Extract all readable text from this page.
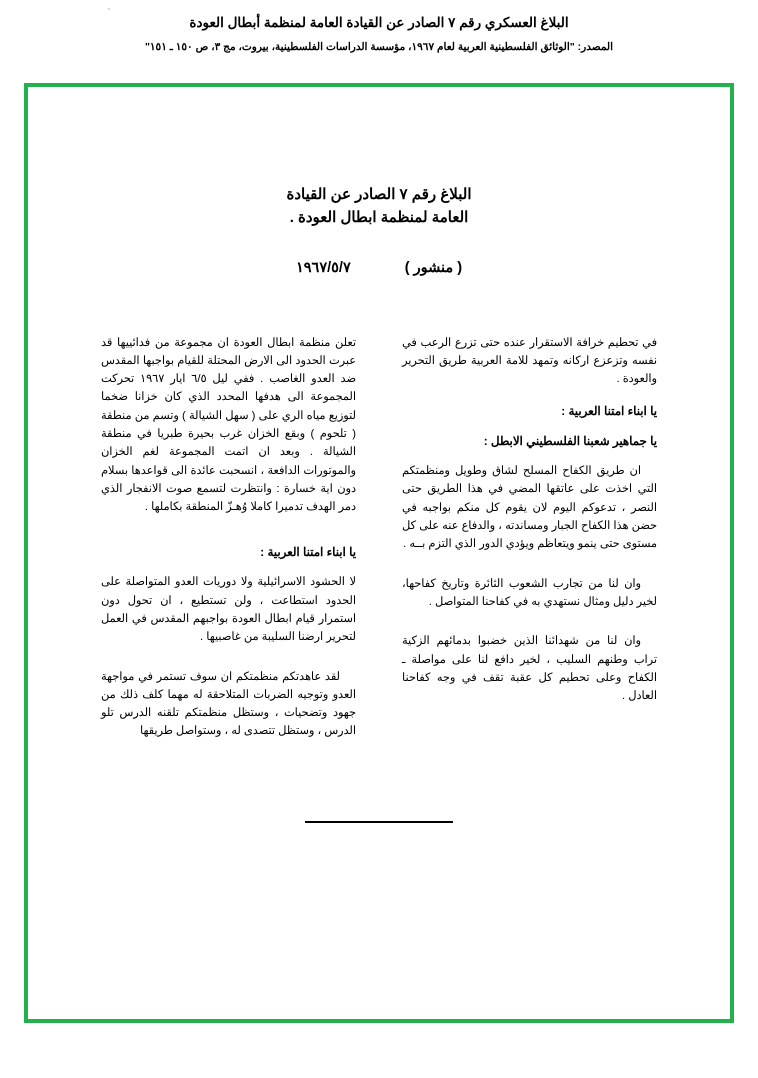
البلاغ العسكري رقم ٧ الصادر عن القيادة العامة لمنظمة أبطال العودة
المصدر: "الوثائق الفلسطينية العربية لعام ١٩٦٧، مؤسسة الدراسات الفلسطينية، بيروت، مج ٣، ص ١٥٠ ـ ١٥١"
البلاغ رقم ٧ الصادر عن القيادة
العامة لمنظمة ابطال العودة .
( منشور )
١٩٦٧/٥/٧

في تحطيم خرافة الاستقرار عنده حتى تزرع الرعب في نفسه وتزعزع اركانه وتمهد للامة العربية طريق التحرير والعودة .

يا ابناء امتنا العربية :

يا جماهير شعبنا الفلسطيني الابطل :

ان طريق الكفاح المسلح لشاق وطويل ومنظمتكم التي اخذت على عاتقها المضي في هذا الطريق حتى النصر ، تدعوكم اليوم لان يقوم كل منكم بواجبه في حضن هذا الكفاح الجبار ومساندته ، والدفاع عنه على كل مستوى حتى ينمو ويتعاظم ويؤدي الدور الذي التزم بــه .

وان لنا من تجارب الشعوب الثائرة وتاريخ كفاحها، لخير دليل ومثال نستهدي به في كفاحنا المتواصل .

وان لنا من شهدائنا الذين خضبوا بدمائهم الزكية تراب وطنهم السليب ، لخير دافع لنا على مواصلة ـ الكفاح وعلى تحطيم كل عقبة تقف في وجه كفاحنا العادل .

تعلن منظمة ابطال العودة ان مجموعة من فدائييها قد عبرت الحدود الى الارض المحتلة للقيام بواجبها المقدس ضد العدو الغاصب . ففي ليل ٦/٥ ايار ١٩٦٧ تحركت المجموعة الى هدفها المحدد الذي كان خزانا ضخما لتوزيع مياه الري على ( سهل الشيالة ) وتسم من منطقة ( تلحوم ) وبقع الخزان غرب بحيرة طبريا في منطقة الشيالة . وبعد ان اتمت المجموعة لغم الخزان والموتورات الدافعة ، انسحبت عائدة الى قواعدها بسلام دون اية خسارة : وانتظرت لتسمع صوت الانفجار الذي دمر الهدف تدميرا كاملا وُهـزّ المنطقة بكاملها .

يا ابناء امتنا العربية :

لا الحشود الاسرائيلية ولا دوريات العدو المتواصلة على الحدود استطاعت ، ولن تستطيع ، ان تحول دون استمرار قيام ابطال العودة بواجبهم المقدس في العمل لتحرير ارضنا السليبة من غاصبيها .

لقد عاهدتكم منظمتكم ان سوف تستمر في مواجهة العدو وتوجيه الضربات المتلاحقة له مهما كلف ذلك من جهود وتضحيات ، وستظل منظمتكم تلقنه الدرس تلو الدرس ، وستظل تتصدى له ، وستواصل طريقها
